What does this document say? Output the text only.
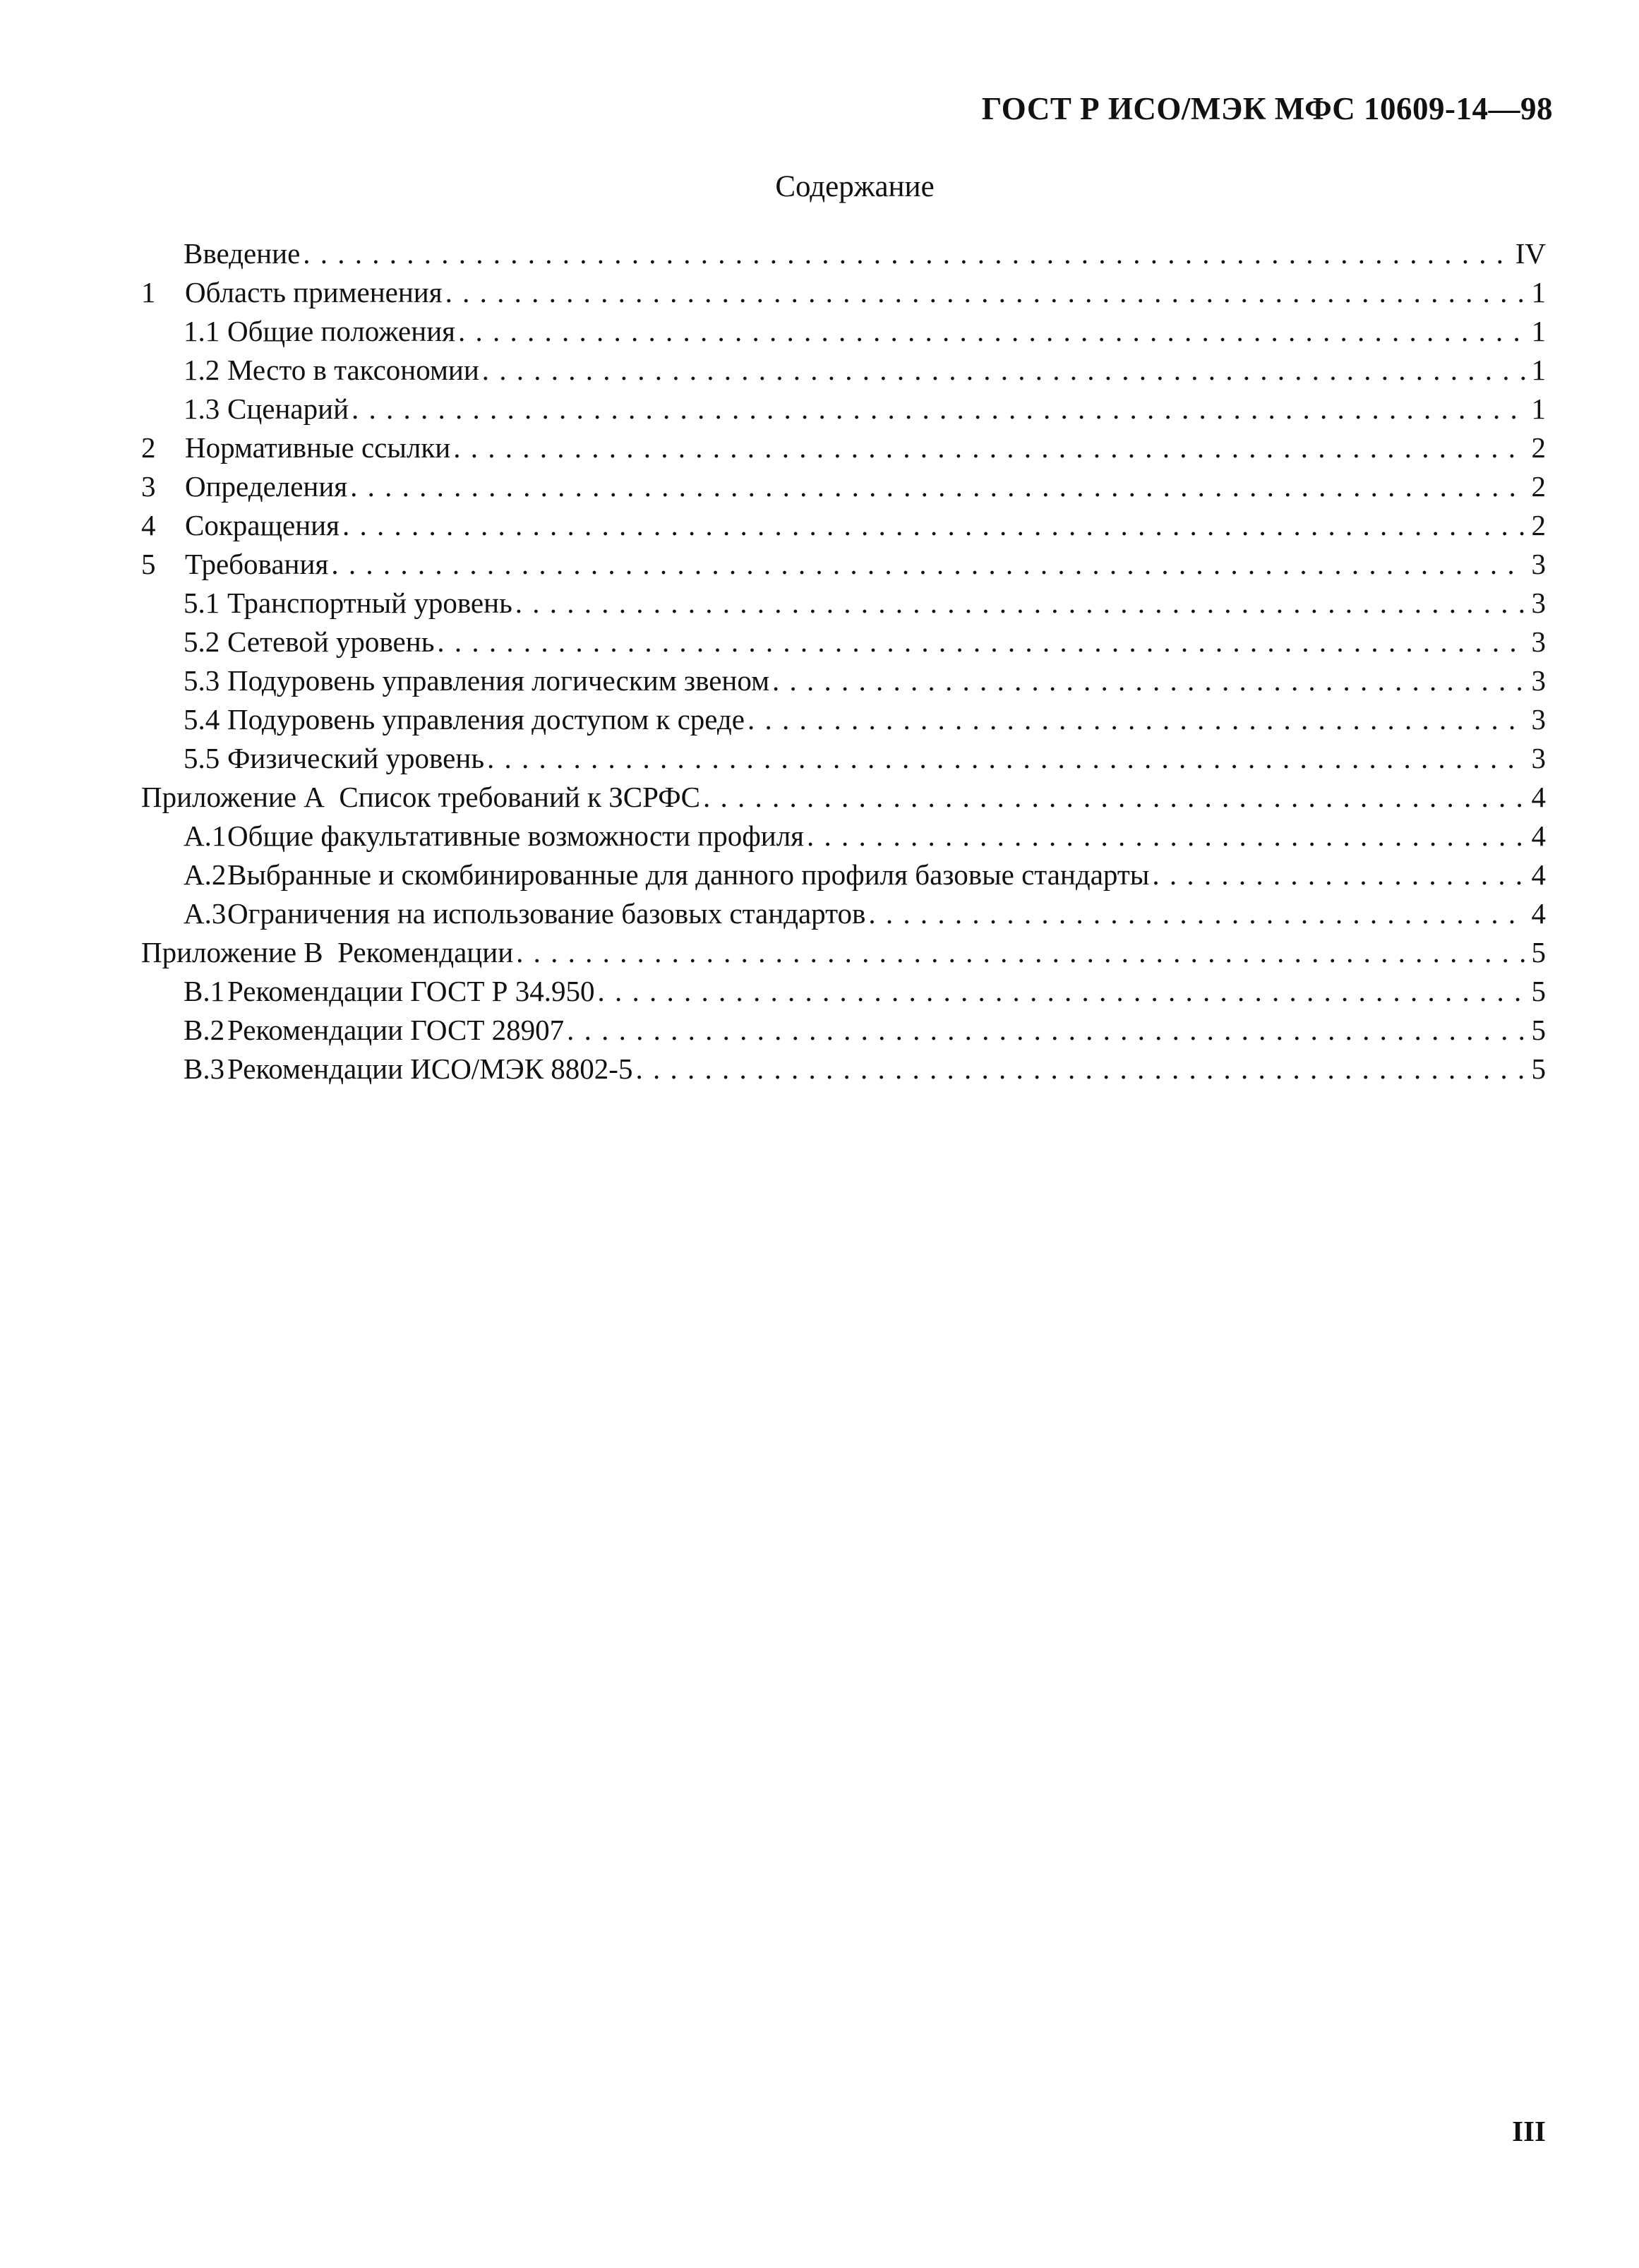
ГОСТ Р ИСО/МЭК МФС 10609-14—98
Содержание
Введение . . .	IV
1	Область применения . . .	1
1.1 Общие положения . . .	1
1.2 Место в таксономии . . .	1
1.3 Сценарий . . .	1
2	Нормативные ссылки . . .	2
3	Определения . . .	2
4	Сокращения . . .	2
5	Требования . . .	3
5.1 Транспортный уровень . . .	3
5.2 Сетевой уровень . . .	3
5.3 Подуровень управления логическим звеном . . .	3
5.4 Подуровень управления доступом к среде . . .	3
5.5 Физический уровень . . .	3
Приложение А  Список требований к ЗСРФС . . .	4
А.1 Общие факультативные возможности профиля . . .	4
А.2 Выбранные и скомбинированные для данного профиля базовые стандарты . . .	4
А.3 Ограничения на использование базовых стандартов . . .	4
Приложение В  Рекомендации . . .	5
В.1 Рекомендации ГОСТ Р 34.950 . . .	5
В.2 Рекомендации ГОСТ 28907 . . .	5
В.3 Рекомендации ИСО/МЭК 8802-5 . . .	5
III
